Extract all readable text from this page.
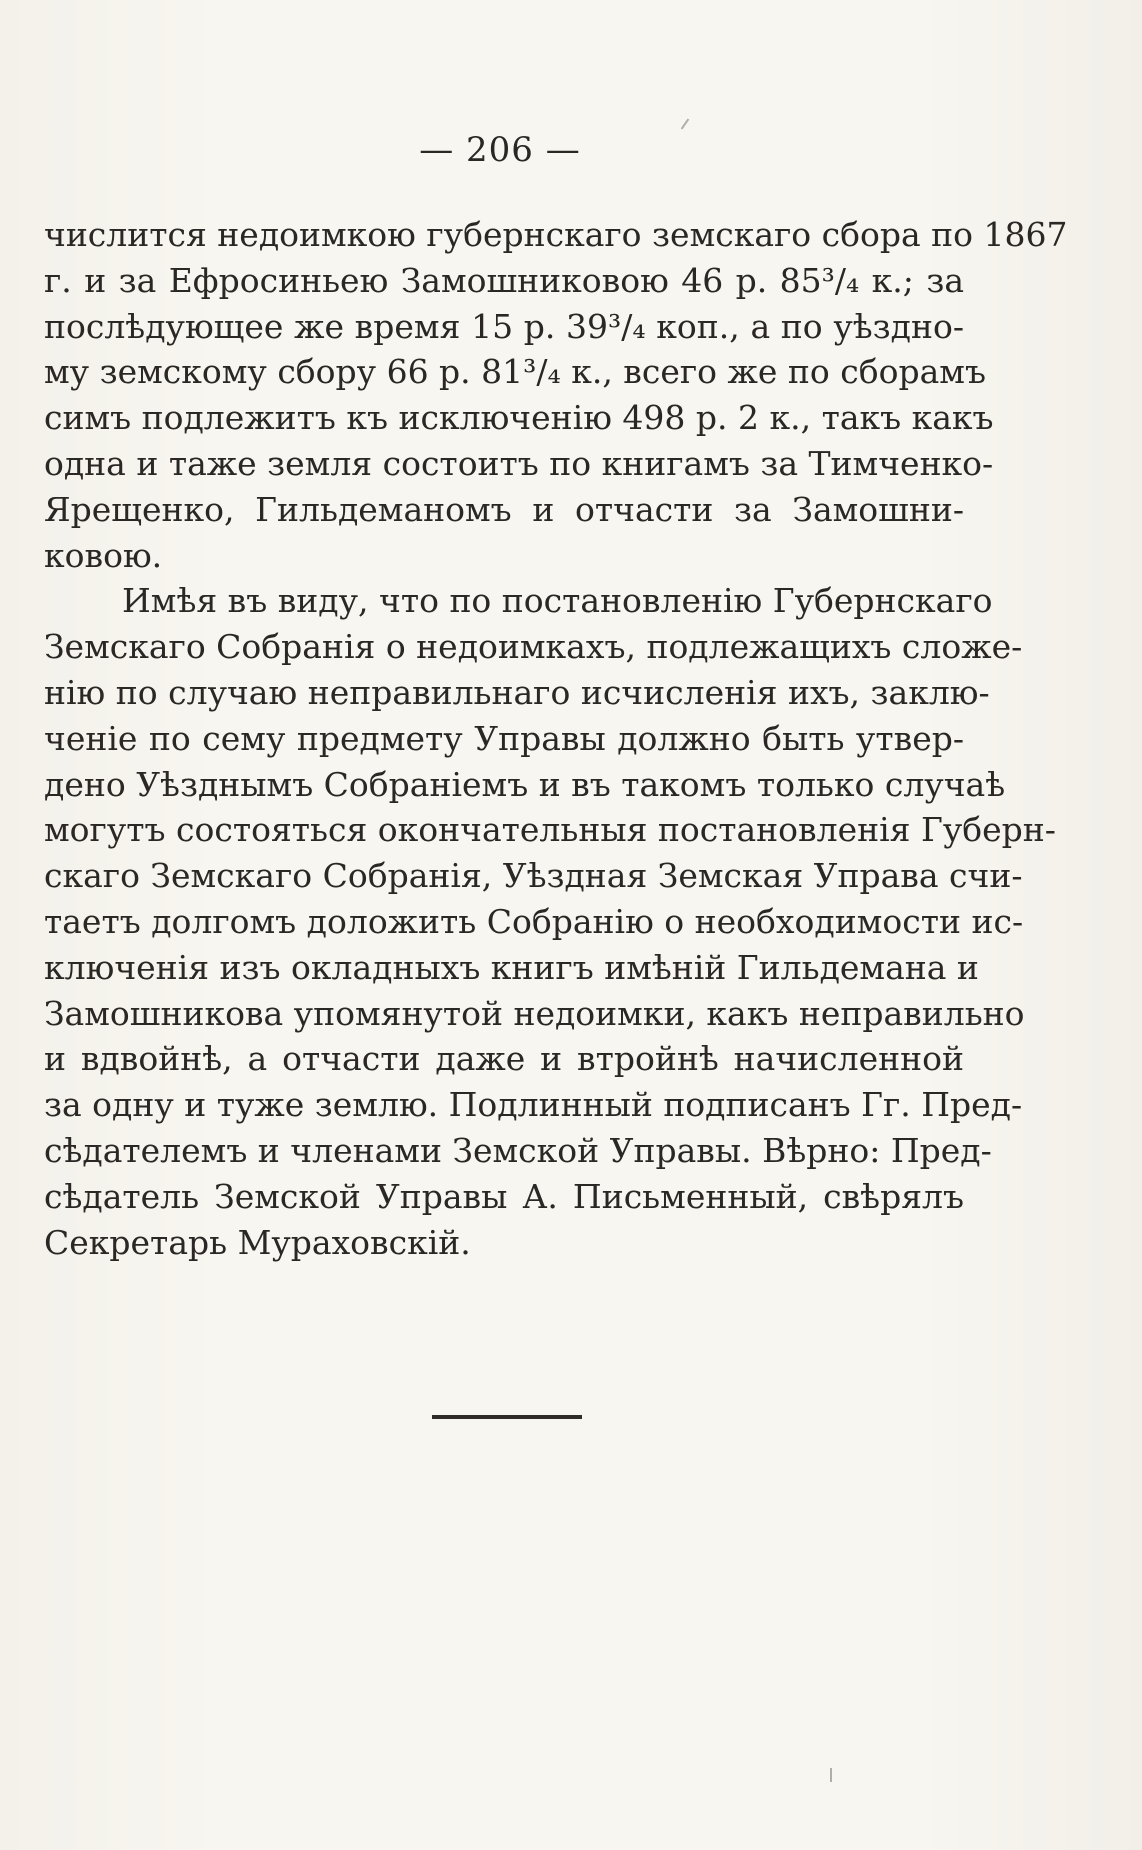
— 206 —
числится недоимкою губернскаго земскаго сбора по 1867
г. и за Ефросиньею Замошниковою 46 р. 85³/₄ к.; за
послѣдующее же время 15 р. 39³/₄ коп., а по уѣздно-
му земскому сбору 66 р. 81³/₄ к., всего же по сборамъ
симъ подлежитъ къ исключенію 498 р. 2 к., такъ какъ
одна и таже земля состоитъ по книгамъ за Тимченко-
Ярещенко, Гильдеманомъ и отчасти за Замошни-
ковою.
Имѣя въ виду, что по постановленію Губернскаго
Земскаго Собранія о недоимкахъ, подлежащихъ сложе-
нію по случаю неправильнаго исчисленія ихъ, заклю-
ченіе по сему предмету Управы должно быть утвер-
дено Уѣзднымъ Собраніемъ и въ такомъ только случаѣ
могутъ состояться окончательныя постановленія Губерн-
скаго Земскаго Собранія, Уѣздная Земская Управа счи-
таетъ долгомъ доложить Собранію о необходимости ис-
ключенія изъ окладныхъ книгъ имѣній Гильдемана и
Замошникова упомянутой недоимки, какъ неправильно
и вдвойнѣ, а отчасти даже и втройнѣ начисленной
за одну и туже землю. Подлинный подписанъ Гг. Пред-
сѣдателемъ и членами Земской Управы. Вѣрно: Пред-
сѣдатель Земской Управы А. Письменный, свѣрялъ
Секретарь Мураховскій.
